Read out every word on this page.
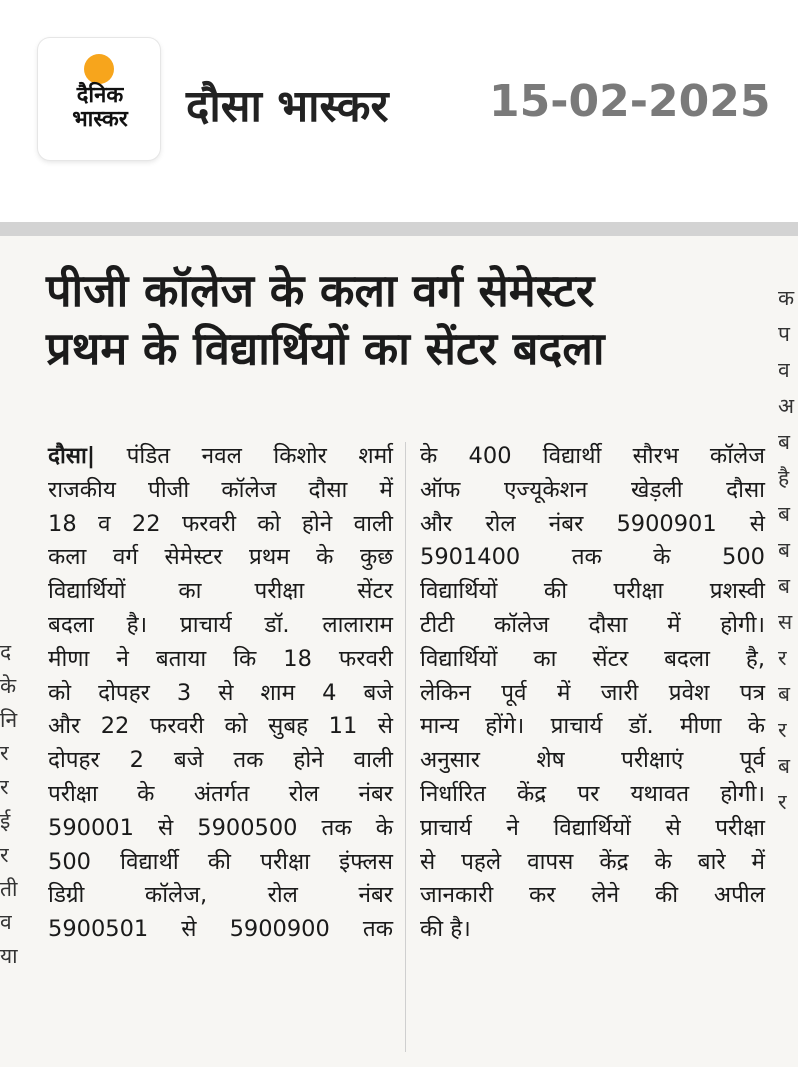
दैनिक
भास्कर	दौसा भास्कर 15-02-2025
पीजी कॉलेज के कला वर्ग सेमेस्टर
प्रथम के विद्यार्थियों का सेंटर बदला
दौसा| पंडित नवल किशोर शर्मा
राजकीय पीजी कॉलेज दौसा में
18 व 22 फरवरी को होने वाली
कला वर्ग सेमेस्टर प्रथम के कुछ
विद्यार्थियों का परीक्षा सेंटर
बदला है। प्राचार्य डॉ. लालाराम
मीणा ने बताया कि 18 फरवरी
को दोपहर 3 से शाम 4 बजे
और 22 फरवरी को सुबह 11 से
दोपहर 2 बजे तक होने वाली
परीक्षा के अंतर्गत रोल नंबर
590001 से 5900500 तक के
500 विद्यार्थी की परीक्षा इंफ्लस
डिग्री कॉलेज, रोल नंबर
5900501 से 5900900 तक
के 400 विद्यार्थी सौरभ कॉलेज
ऑफ एज्यूकेशन खेड़ली दौसा
और रोल नंबर 5900901 से
5901400 तक के 500
विद्यार्थियों की परीक्षा प्रशस्वी
टीटी कॉलेज दौसा में होगी।
विद्यार्थियों का सेंटर बदला है,
लेकिन पूर्व में जारी प्रवेश पत्र
मान्य होंगे। प्राचार्य डॉ. मीणा के
अनुसार शेष परीक्षाएं पूर्व
निर्धारित केंद्र पर यथावत होगी।
प्राचार्य ने विद्यार्थियों से परीक्षा
से पहले वापस केंद्र के बारे में
जानकारी कर लेने की अपील
की है।
द
के
नि
र
र
ई
र
ती
व
या
क
प
व
अ
ब
है
ब
ब
ब
स
र
ब
र
ब
र
